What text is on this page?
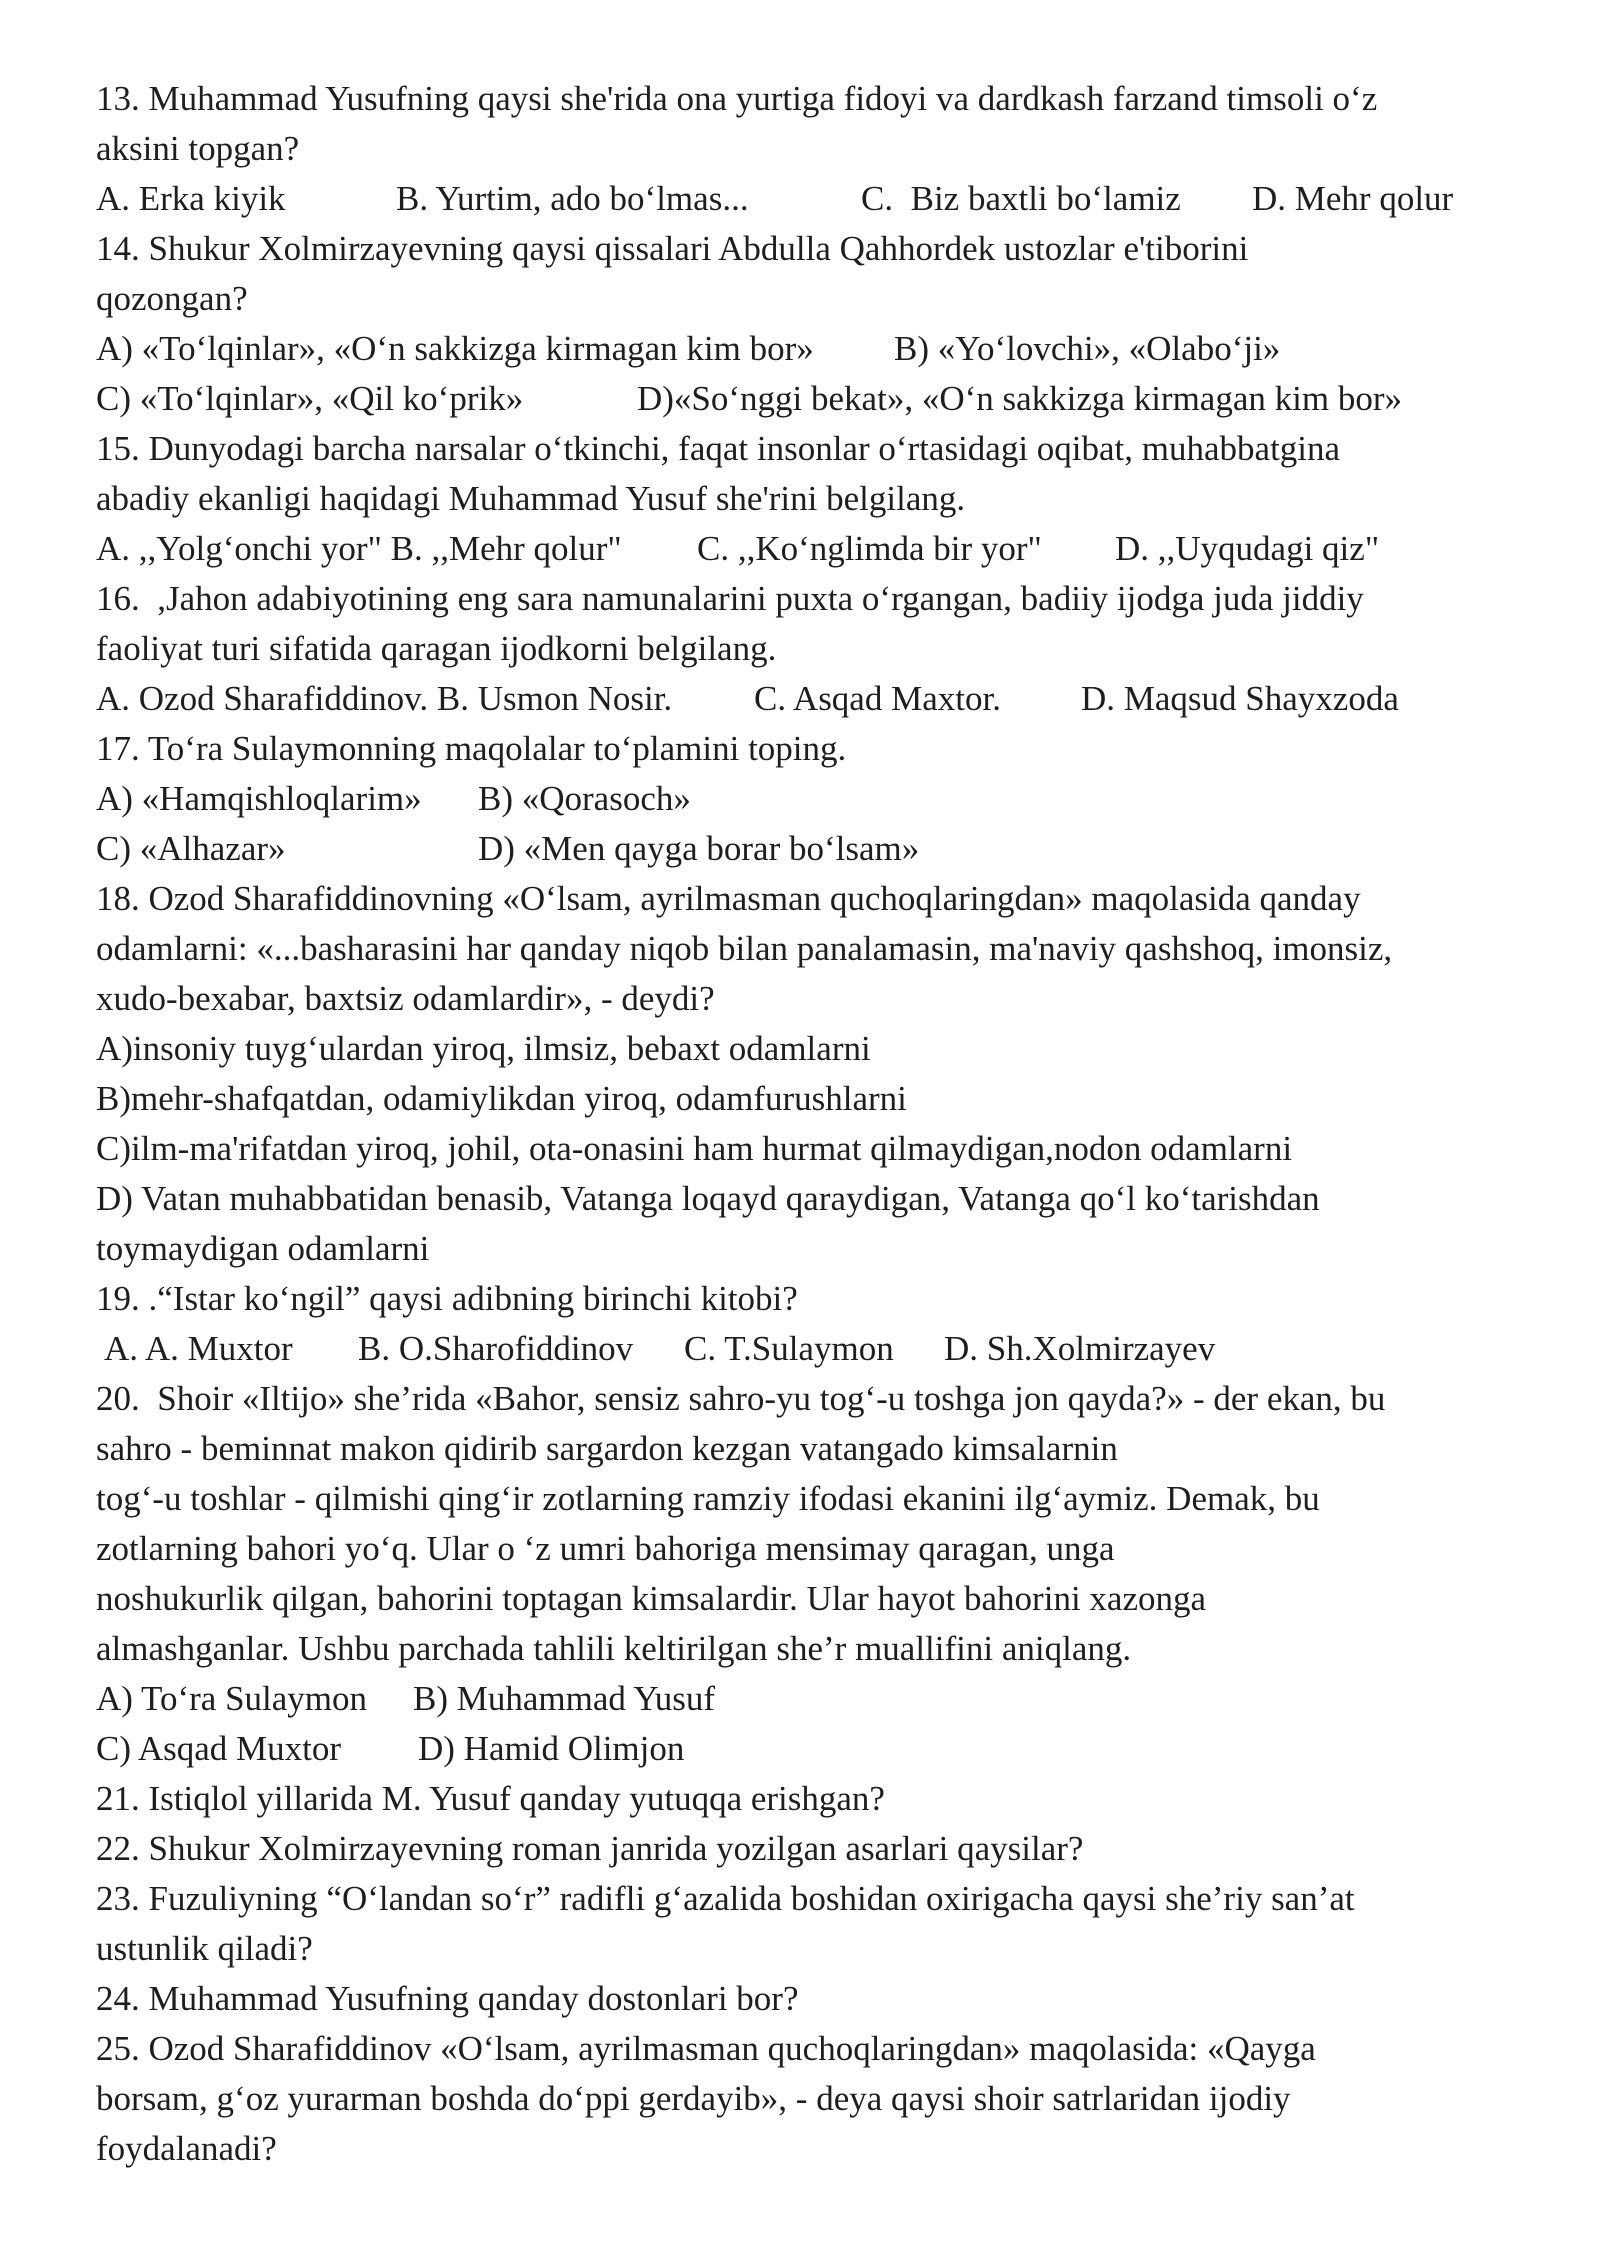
13. Muhammad Yusufning qaysi she'rida ona yurtiga fidoyi va dardkash farzand timsoli o‘z
aksini topgan?

A. Erka kiyik

	B. Yurtim, ado bo‘lmas...

	C.  Biz baxtli bo‘lamiz

D. Mehr qolur

14. Shukur Xolmirzayevning qaysi qissalari Abdulla Qahhordek ustozlar e'tiborini
qozongan?

A) «To‘lqinlar», «O‘n sakkizga kirmagan kim bor»

B) «Yo‘lovchi», «Olabo‘ji»

C) «To‘lqinlar», «Qil ko‘prik»

	D)«So‘nggi bekat», «O‘n sakkizga kirmagan kim bor»

15. Dunyodagi barcha narsalar o‘tkinchi, faqat insonlar o‘rtasidagi oqibat, muhabbatgina
abadiy ekanligi haqidagi Muhammad Yusuf she'rini belgilang.

A. ,,Yolg‘onchi yor" B. ,,Mehr qolur"

C. ,,Ko‘nglimda bir yor"

D. ,,Uyqudagi qiz"

16.  ,Jahon adabiyotining eng sara namunalarini puxta o‘rgangan, badiiy ijodga juda jiddiy
faoliyat turi sifatida qaragan ijodkorni belgilang.

A. Ozod Sharafiddinov. B. Usmon Nosir.

C. Asqad Maxtor.

D. Maqsud Shayxzoda

17. To‘ra Sulaymonning maqolalar to‘plamini toping.

A) «Hamqishloqlarim»

B) «Qorasoch»

C) «Alhazar»

	D) «Men qayga borar bo‘lsam»

18. Ozod Sharafiddinovning «O‘lsam, ayrilmasman quchoqlaringdan» maqolasida qanday
odamlarni: «...basharasini har qanday niqob bilan panalamasin, ma'naviy qashshoq, imonsiz,
xudo-bexabar, baxtsiz odamlardir», - deydi?
A)insoniy tuyg‘ulardan yiroq, ilmsiz, bebaxt odamlarni
B)mehr-shafqatdan, odamiylikdan yiroq, odamfurushlarni
C)ilm-ma'rifatdan yiroq, johil, ota-onasini ham hurmat qilmaydigan,nodon odamlarni
D) Vatan muhabbatidan benasib, Vatanga loqayd qaraydigan, Vatanga qo‘l ko‘tarishdan
toymaydigan odamlarni
19. .“Istar ko‘ngil” qaysi adibning birinchi kitobi?

A. A. Muxtor

B. O.Sharofiddinov

C. T.Sulaymon

D. Sh.Xolmirzayev

20.  Shoir «Iltijo» she’rida «Bahor, sensiz sahro-yu tog‘-u toshga jon qayda?» - der ekan, bu
sahro - beminnat makon qidirib sargardon kezgan vatangado kimsalarnin
tog‘-u toshlar - qilmishi qing‘ir zotlarning ramziy ifodasi ekanini ilg‘aymiz. Demak, bu
zotlarning bahori yo‘q. Ular o ‘z umri bahoriga mensimay qaragan, unga
noshukurlik qilgan, bahorini toptagan kimsalardir. Ular hayot bahorini xazonga
almashganlar. Ushbu parchada tahlili keltirilgan she’r muallifini aniqlang.

A) To‘ra Sulaymon

B) Muhammad Yusuf

C) Asqad Muxtor

D) Hamid Olimjon

21. Istiqlol yillarida M. Yusuf qanday yutuqqa erishgan?
22. Shukur Xolmirzayevning roman janrida yozilgan asarlari qaysilar?
23. Fuzuliyning “O‘landan so‘r” radifli g‘azalida boshidan oxirigacha qaysi she’riy san’at
ustunlik qiladi?
24. Muhammad Yusufning qanday dostonlari bor?
25. Ozod Sharafiddinov «O‘lsam, ayrilmasman quchoqlaringdan» maqolasida: «Qayga
borsam, g‘oz yurarman boshda do‘ppi gerdayib», - deya qaysi shoir satrlaridan ijodiy
foydalanadi?
